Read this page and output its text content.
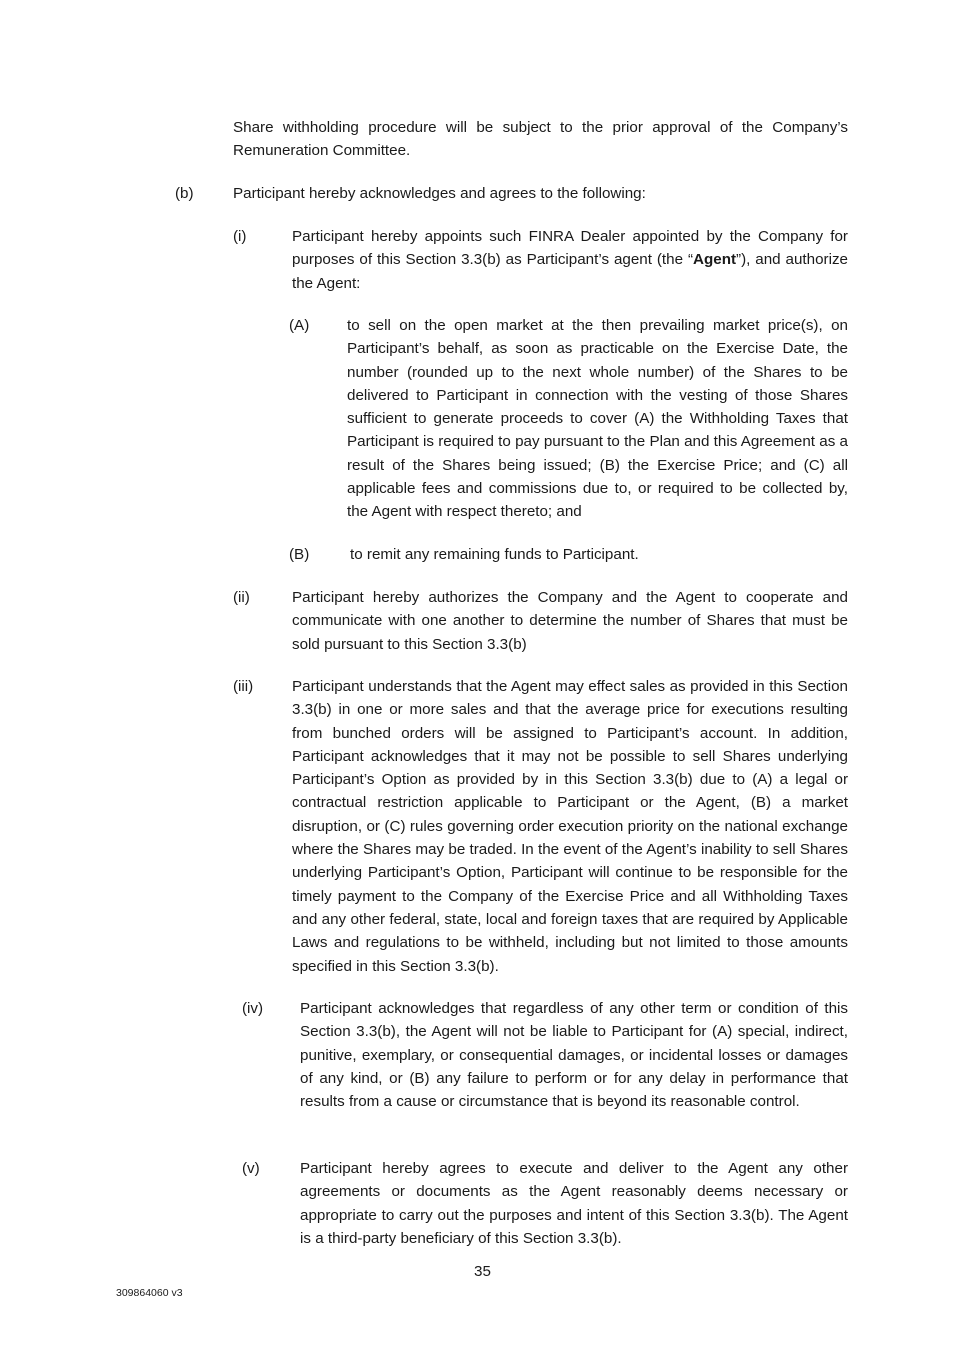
Share withholding procedure will be subject to the prior approval of the Company’s Remuneration Committee.

(b)	Participant hereby acknowledges and agrees to the following:

(i)	Participant hereby appoints such FINRA Dealer appointed by the Company for purposes of this Section 3.3(b) as Participant’s agent (the “Agent”), and authorize the Agent:

(A) to sell on the open market at the then prevailing market price(s), on Participant’s behalf, as soon as practicable on the Exercise Date, the number (rounded up to the next whole number) of the Shares to be delivered to Participant in connection with the vesting of those Shares sufficient to generate proceeds to cover (A) the Withholding Taxes that Participant is required to pay pursuant to the Plan and this Agreement as a result of the Shares being issued; (B) the Exercise Price; and (C) all applicable fees and commissions due to, or required to be collected by, the Agent with respect thereto; and

(B)	to remit any remaining funds to Participant.

(ii)	Participant hereby authorizes the Company and the Agent to cooperate and communicate with one another to determine the number of Shares that must be sold pursuant to this Section 3.3(b)

(iii)	Participant understands that the Agent may effect sales as provided in this Section 3.3(b) in one or more sales and that the average price for executions resulting from bunched orders will be assigned to Participant’s account. In addition, Participant acknowledges that it may not be possible to sell Shares underlying Participant’s Option as provided by in this Section 3.3(b) due to (A) a legal or contractual restriction applicable to Participant or the Agent, (B) a market disruption, or (C) rules governing order execution priority on the national exchange where the Shares may be traded. In the event of the Agent’s inability to sell Shares underlying Participant’s Option, Participant will continue to be responsible for the timely payment to the Company of the Exercise Price and all Withholding Taxes and any other federal, state, local and foreign taxes that are required by Applicable Laws and regulations to be withheld, including but not limited to those amounts specified in this Section 3.3(b).

(iv) Participant acknowledges that regardless of any other term or condition of this Section 3.3(b), the Agent will not be liable to Participant for (A) special, indirect, punitive, exemplary, or consequential damages, or incidental losses or damages of any kind, or (B) any failure to perform or for any delay in performance that results from a cause or circumstance that is beyond its reasonable control.

(v)	Participant hereby agrees to execute and deliver to the Agent any other agreements or documents as the Agent reasonably deems necessary or appropriate to carry out the purposes and intent of this Section 3.3(b). The Agent is a third-party beneficiary of this Section 3.3(b).

35
309864060 v3
